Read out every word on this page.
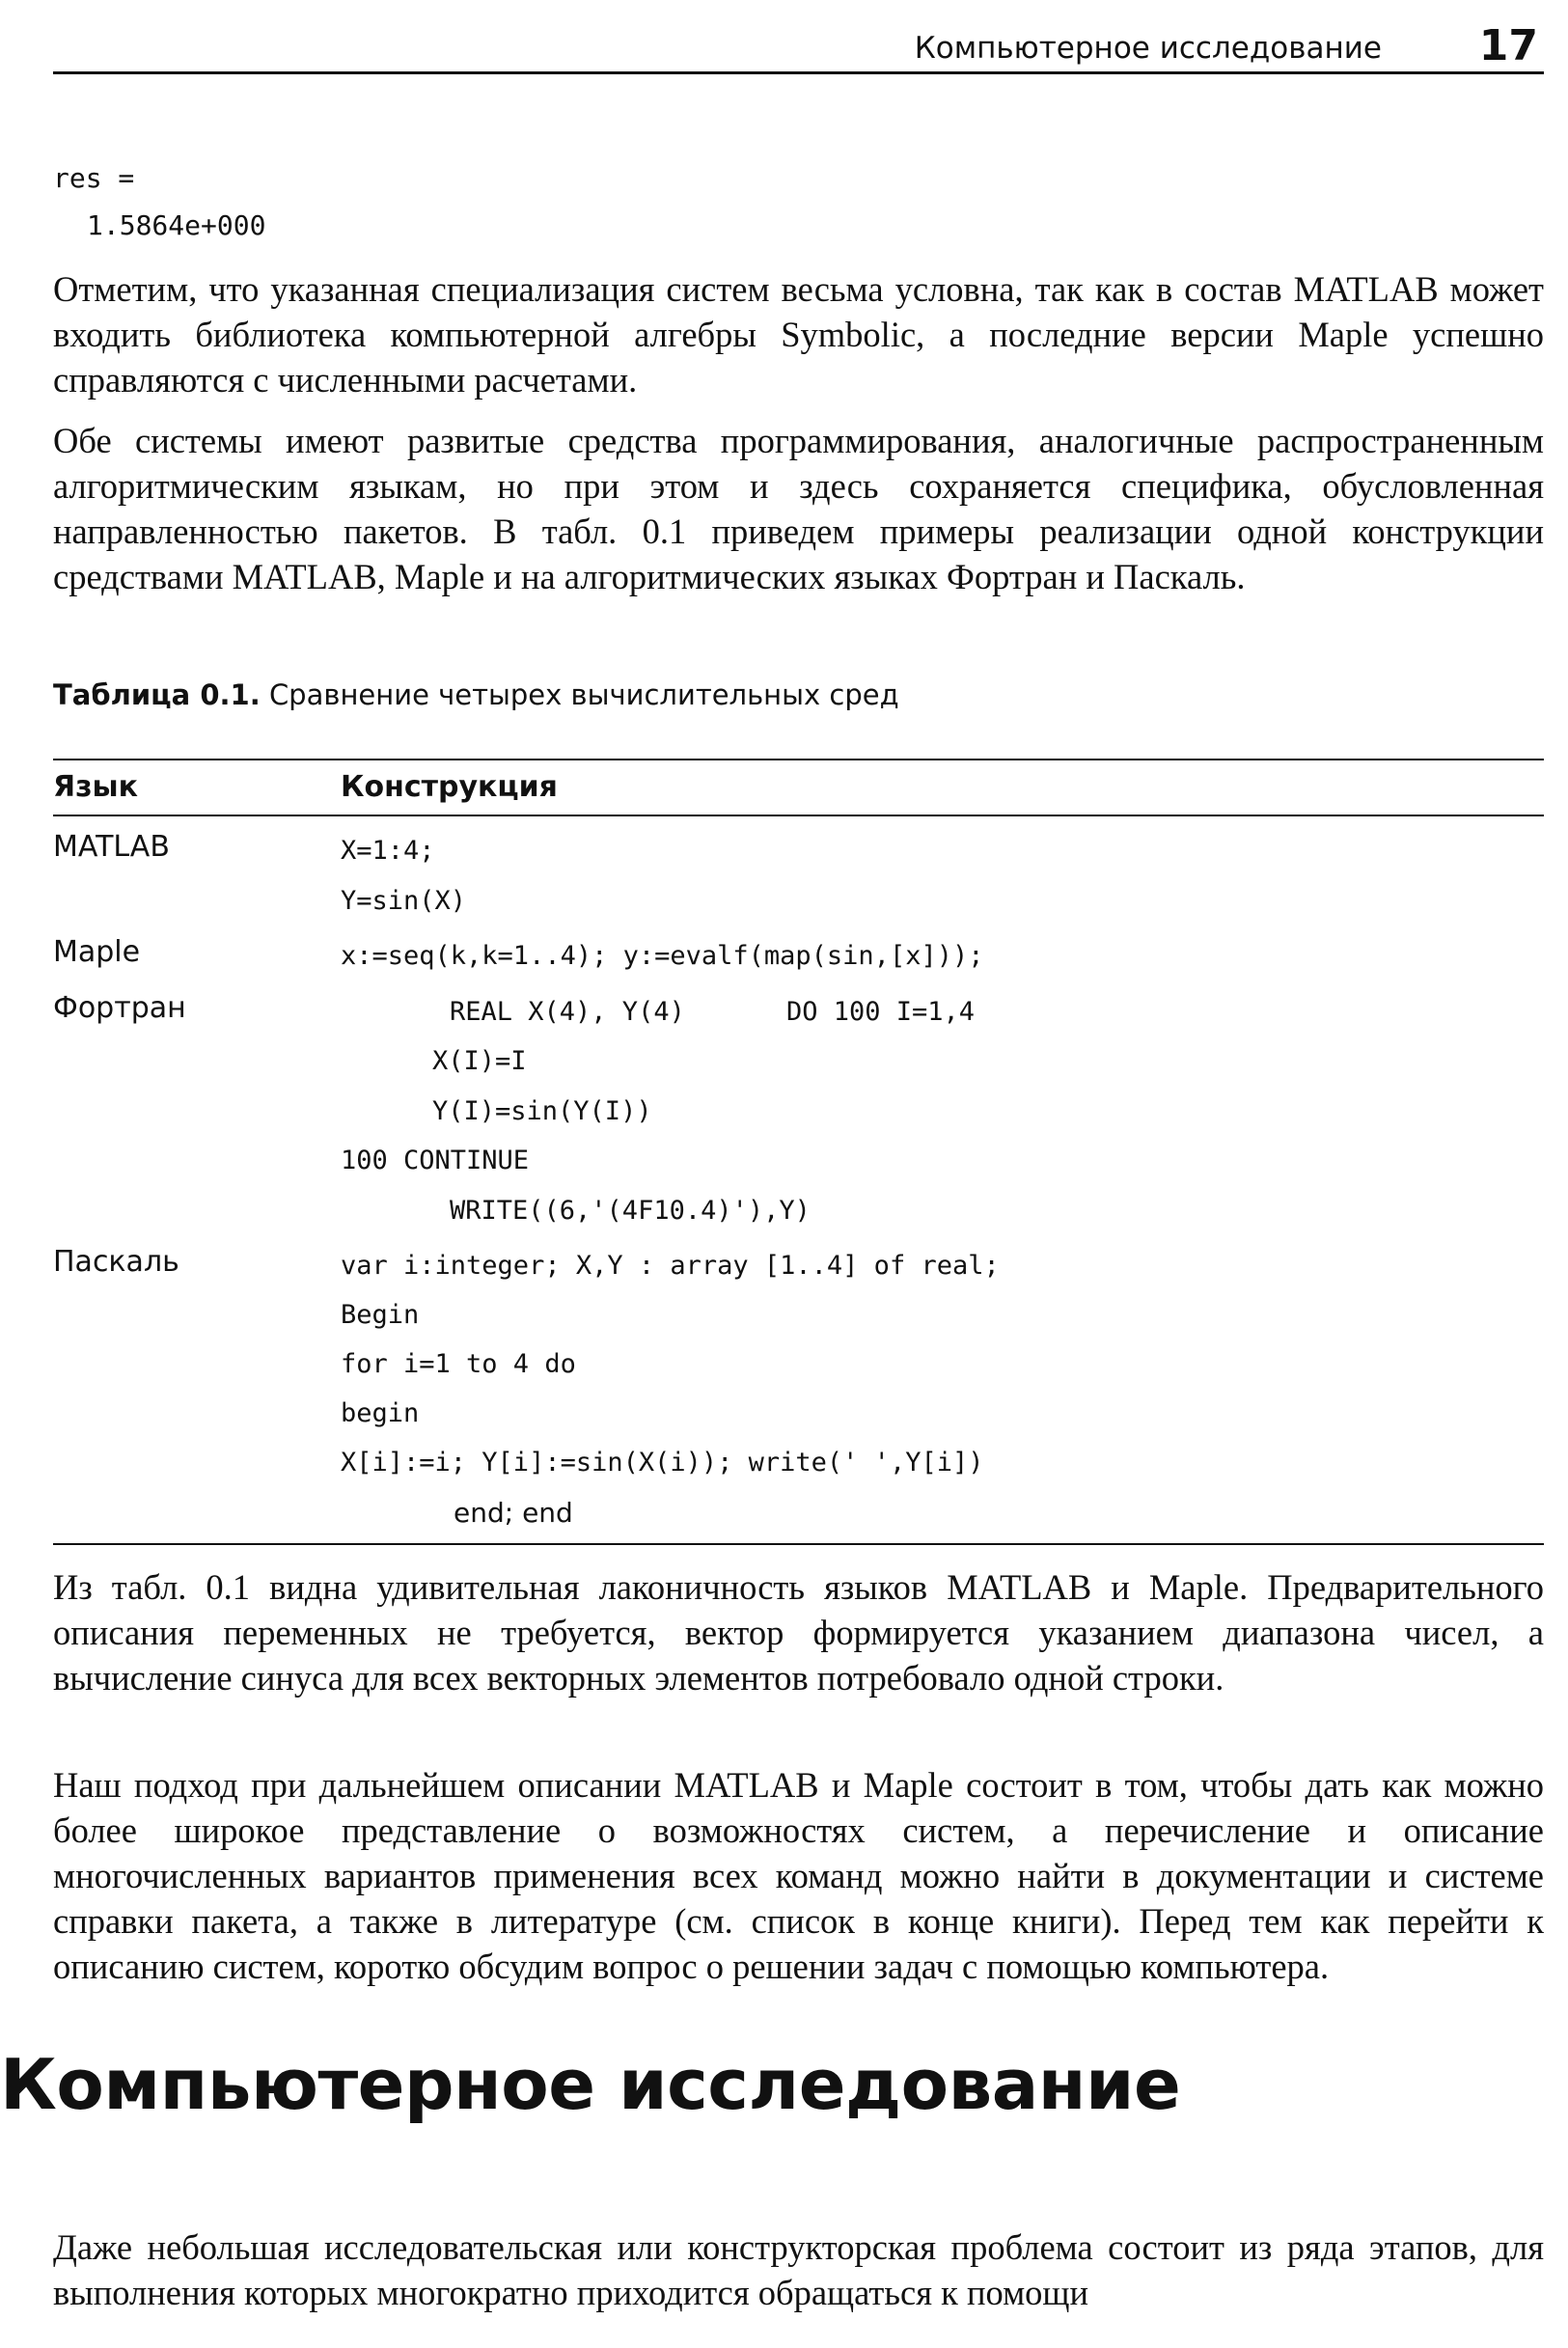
Компьютерное исследование 17
res =
1.5864e+000
Отметим, что указанная специализация систем весьма условна, так как в состав MATLAB может входить библиотека компьютерной алгебры Symbolic, а последние версии Maple успешно справляются с численными расчетами.
Обе системы имеют развитые средства программирования, аналогичные распространенным алгоритмическим языкам, но при этом и здесь сохраняется специфика, обусловленная направленностью пакетов. В табл. 0.1 приведем примеры реализации одной конструкции средствами MATLAB, Maple и на алгоритмических языках Фортран и Паскаль.
Таблица 0.1. Сравнение четырех вычислительных сред
Язык	Конструкция
MATLAB	X=1:4;
Y=sin(X)
Maple	x:=seq(k,k=1..4); y:=evalf(map(sin,[x]));
Фортран	REAL X(4), Y(4)	DO 100 I=1,4
X(I)=I
Y(I)=sin(Y(I))
100 CONTINUE
WRITE((6,'(4F10.4)'),Y)
Паскаль	var i:integer; X,Y : array [1..4] of real;
Begin
for i=1 to 4 do
begin
X[i]:=i; Y[i]:=sin(X(i)); write(' ',Y[i])
end; end
Из табл. 0.1 видна удивительная лаконичность языков MATLAB и Maple. Предварительного описания переменных не требуется, вектор формируется указанием диапазона чисел, а вычисление синуса для всех векторных элементов потребовало одной строки.
Наш подход при дальнейшем описании MATLAB и Maple состоит в том, чтобы дать как можно более широкое представление о возможностях систем, а перечисление и описание многочисленных вариантов применения всех команд можно найти в документации и системе справки пакета, а также в литературе (см. список в конце книги). Перед тем как перейти к описанию систем, коротко обсудим вопрос о решении задач с помощью компьютера.
Компьютерное исследование
Даже небольшая исследовательская или конструкторская проблема состоит из ряда этапов, для выполнения которых многократно приходится обращаться к помощи
